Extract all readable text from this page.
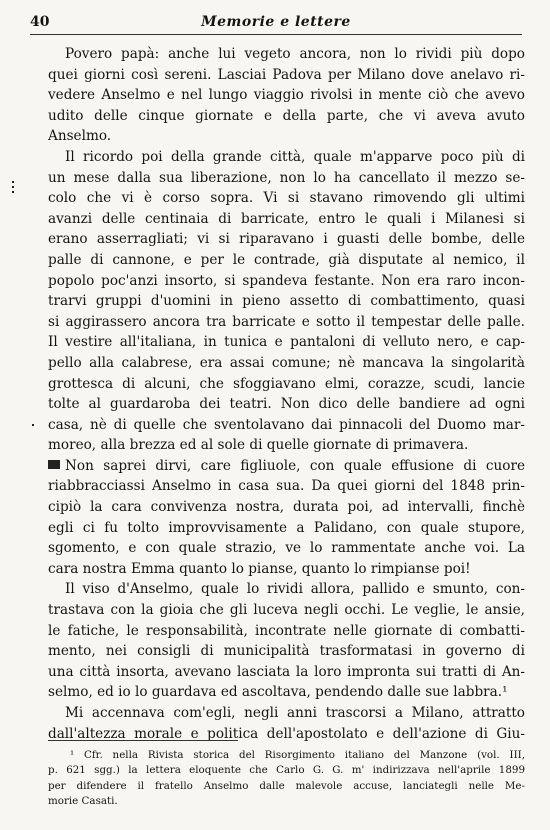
40	Memorie e lettere
Povero papà: anche lui vegeto ancora, non lo rividi più dopo
quei giorni così sereni. Lasciai Padova per Milano dove anelavo ri-
vedere Anselmo e nel lungo viaggio rivolsi in mente ciò che avevo
udito delle cinque giornate e della parte, che vi aveva avuto
Anselmo.
Il ricordo poi della grande città, quale m'apparve poco più di
un mese dalla sua liberazione, non lo ha cancellato il mezzo se-
colo che vi è corso sopra. Vi si stavano rimovendo gli ultimi
avanzi delle centinaia di barricate, entro le quali i Milanesi si
erano asserragliati; vi si riparavano i guasti delle bombe, delle
palle di cannone, e per le contrade, già disputate al nemico, il
popolo poc'anzi insorto, si spandeva festante. Non era raro incon-
trarvi gruppi d'uomini in pieno assetto di combattimento, quasi
si aggirassero ancora tra barricate e sotto il tempestar delle palle.
Il vestire all'italiana, in tunica e pantaloni di velluto nero, e cap-
pello alla calabrese, era assai comune; nè mancava la singolarità
grottesca di alcuni, che sfoggiavano elmi, corazze, scudi, lancie
tolte al guardaroba dei teatri. Non dico delle bandiere ad ogni
casa, nè di quelle che sventolavano dai pinnacoli del Duomo mar-
moreo, alla brezza ed al sole di quelle giornate di primavera.
Non saprei dirvi, care figliuole, con quale effusione di cuore
riabbracciassi Anselmo in casa sua. Da quei giorni del 1848 prin-
cipiò la cara convivenza nostra, durata poi, ad intervalli, finchè
egli ci fu tolto improvvisamente a Palidano, con quale stupore,
sgomento, e con quale strazio, ve lo rammentate anche voi. La
cara nostra Emma quanto lo pianse, quanto lo rimpianse poi!
Il viso d'Anselmo, quale lo rividi allora, pallido e smunto, con-
trastava con la gioia che gli luceva negli occhi. Le veglie, le ansie,
le fatiche, le responsabilità, incontrate nelle giornate di combatti-
mento, nei consigli di municipalità trasformatasi in governo di
una città insorta, avevano lasciata la loro impronta sui tratti di An-
selmo, ed io lo guardava ed ascoltava, pendendo dalle sue labbra.¹
Mi accennava com'egli, negli anni trascorsi a Milano, attratto
dall'altezza morale e politica dell'apostolato e dell'azione di Giu-
¹ Cfr. nella Rivista storica del Risorgimento italiano del Manzone (vol. III,
p. 621 sgg.) la lettera eloquente che Carlo G. G. m' indirizzava nell'aprile 1899
per difendere il fratello Anselmo dalle malevole accuse, lanciategli nelle Me-
morie Casati.
